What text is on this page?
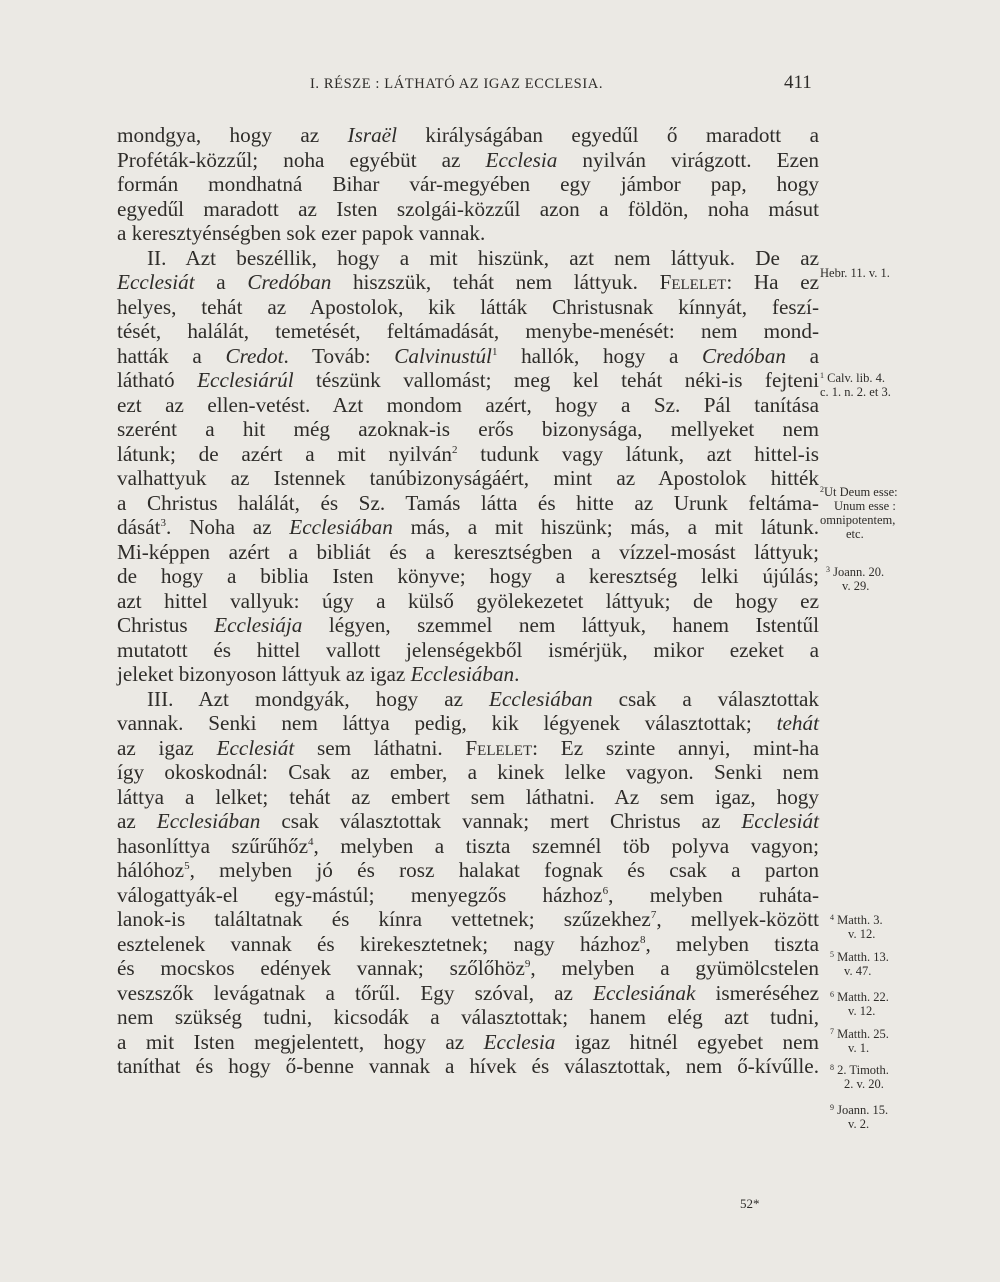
I. RÉSZE : LÁTHATÓ AZ IGAZ ECCLESIA.	411
mondgya, hogy az Israël királyságában egyedűl ő maradott a
Proféták-közzűl; noha egyébüt az Ecclesia nyilván virágzott. Ezen
formán mondhatná Bihar vár-megyében egy jámbor pap, hogy
egyedűl maradott az Isten szolgái-közzűl azon a földön, noha másut
a keresztyénségben sok ezer papok vannak.
II. Azt beszéllik, hogy a mit hiszünk, azt nem láttyuk. De az
Ecclesiát a Credóban hiszszük, tehát nem láttyuk. Felelet: Ha ez
helyes, tehát az Apostolok, kik látták Christusnak kínnyát, feszí-
tését, halálát, temetését, feltámadását, menybe-menését: nem mond-
hatták a Credot. Továb: Calvinustúl$^1$ hallók, hogy a Credóban a
látható Ecclesiárúl tészünk vallomást; meg kel tehát néki-is fejteni
ezt az ellen-vetést. Azt mondom azért, hogy a Sz. Pál tanítása
szerént a hit még azoknak-is erős bizonysága, mellyeket nem
látunk; de azért a mit nyilván$^2$ tudunk vagy látunk, azt hittel-is
valhattyuk az Istennek tanúbizonyságáért, mint az Apostolok hitték
a Christus halálát, és Sz. Tamás látta és hitte az Urunk feltáma-
dását$^3$. Noha az Ecclesiában más, a mit hiszünk; más, a mit látunk.
Mi-képpen azért a bibliát és a keresztségben a vízzel-mosást láttyuk;
de hogy a biblia Isten könyve; hogy a keresztség lelki újúlás;
azt hittel vallyuk: úgy a külső gyölekezetet láttyuk; de hogy ez
Christus Ecclesiája légyen, szemmel nem láttyuk, hanem Istentűl
mutatott és hittel vallott jelenségekből ismérjük, mikor ezeket a
jeleket bizonyoson láttyuk az igaz Ecclesiában.
III. Azt mondgyák, hogy az Ecclesiában csak a választottak
vannak. Senki nem láttya pedig, kik légyenek választottak; tehát
az igaz Ecclesiát sem láthatni. Felelet: Ez szinte annyi, mint-ha
így okoskodnál: Csak az ember, a kinek lelke vagyon. Senki nem
láttya a lelket; tehát az embert sem láthatni. Az sem igaz, hogy
az Ecclesiában csak választottak vannak; mert Christus az Ecclesiát
hasonlíttya szűrűhőz$^4$, melyben a tiszta szemnél töb polyva vagyon;
hálóhoz$^5$, melyben jó és rosz halakat fognak és csak a parton
válogattyák-el egy-mástúl; menyegzős házhoz$^6$, melyben ruháta-
lanok-is találtatnak és kínra vettetnek; szűzekhez$^7$, mellyek-között
esztelenek vannak és kirekesztetnek; nagy házhoz$^8$, melyben tiszta
és mocskos edények vannak; szőlőhöz$^9$, melyben a gyümölcstelen
veszszők levágatnak a tőrűl. Egy szóval, az Ecclesiának ismeréséhez
nem szükség tudni, kicsodák a választottak; hanem elég azt tudni,
a mit Isten megjelentett, hogy az Ecclesia igaz hitnél egyebet nem
taníthat és hogy ő-benne vannak a hívek és választottak, nem ő-kívűlle.
Hebr. 11. v. 1.
$^1$ Calv. lib. 4.
c. 1. n. 2. et 3.
$^2$Ut Deum esse:
Unum esse :
omnipotentem,
etc.
$^3$ Joann. 20.
v. 29.
$^4$ Matth. 3.
v. 12.
$^5$ Matth. 13.
v. 47.
$^6$ Matth. 22.
v. 12.
$^7$ Matth. 25.
v. 1.
$^8$ 2. Timoth.
2. v. 20.
$^9$ Joann. 15.
v. 2.
52*
